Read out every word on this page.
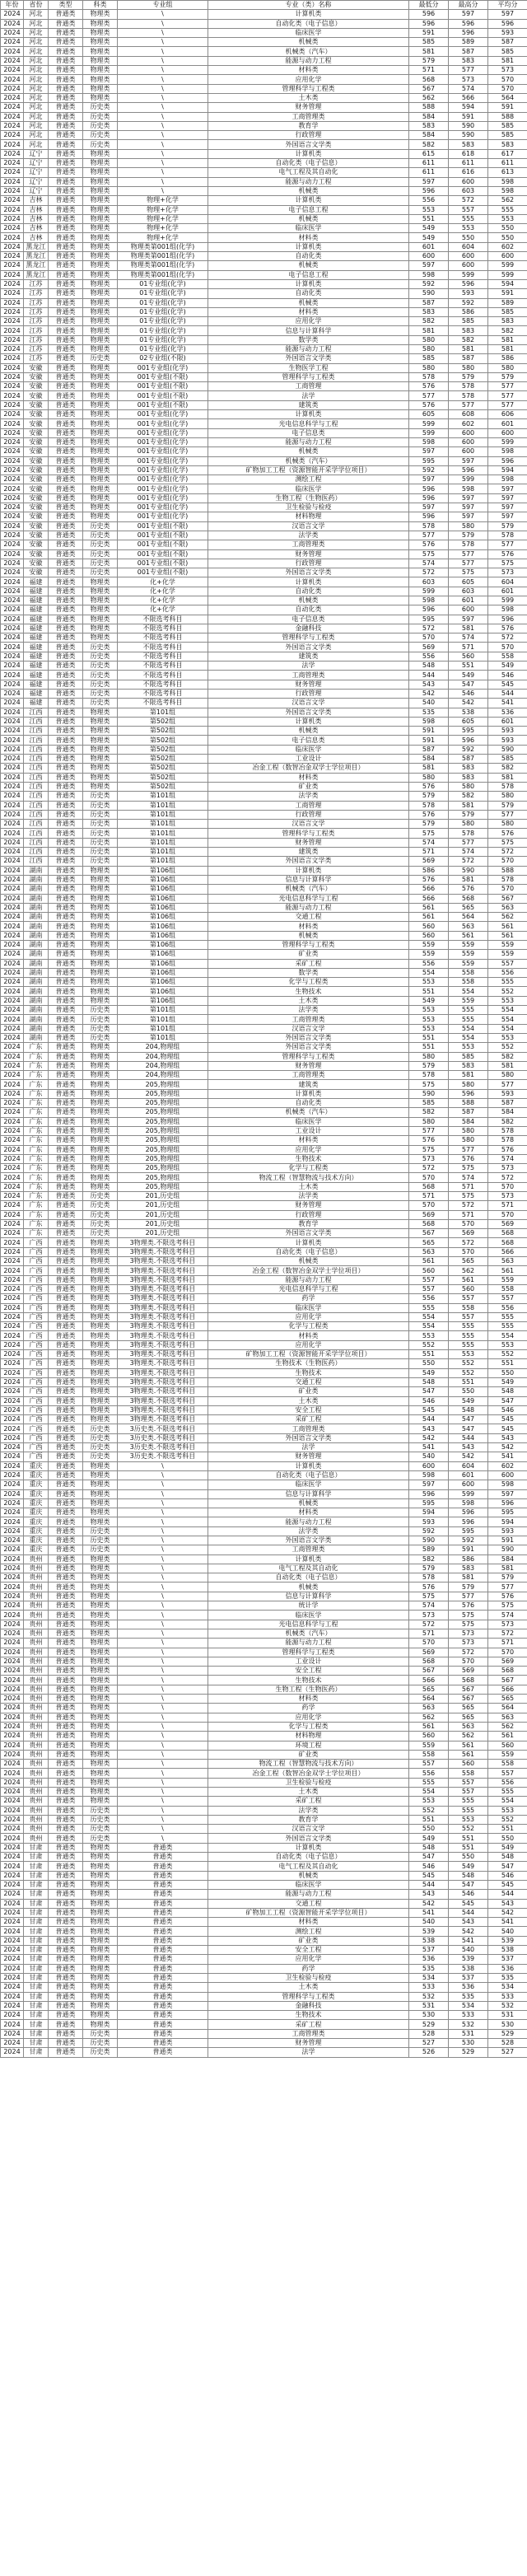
年份	省份	类型	科类	专业组	专业（类）名称	最低分	最高分	平均分
2024	河北	普通类	物理类	\	计算机类	596	597	597
2024	河北	普通类	物理类	\	自动化类（电子信息）	596	596	596
2024	河北	普通类	物理类	\	临床医学	591	596	593
2024	河北	普通类	物理类	\	机械类	585	589	587
2024	河北	普通类	物理类	\	机械类（汽车）	581	587	585
2024	河北	普通类	物理类	\	能源与动力工程	579	583	581
2024	河北	普通类	物理类	\	材料类	571	577	573
2024	河北	普通类	物理类	\	应用化学	568	573	570
2024	河北	普通类	物理类	\	管理科学与工程类	567	574	570
2024	河北	普通类	物理类	\	土木类	562	566	564
2024	河北	普通类	历史类	\	财务管理	588	594	591
2024	河北	普通类	历史类	\	工商管理类	584	591	588
2024	河北	普通类	历史类	\	教育学	583	590	585
2024	河北	普通类	历史类	\	行政管理	584	590	585
2024	河北	普通类	历史类	\	外国语言文学类	582	583	583
2024	辽宁	普通类	物理类	\	计算机类	615	618	617
2024	辽宁	普通类	物理类	\	自动化类（电子信息）	611	611	611
2024	辽宁	普通类	物理类	\	电气工程及其自动化	611	616	613
2024	辽宁	普通类	物理类	\	能源与动力工程	597	600	598
2024	辽宁	普通类	物理类	\	机械类	596	603	598
2024	吉林	普通类	物理类	物理+化学	计算机类	556	572	562
2024	吉林	普通类	物理类	物理+化学	电子信息工程	553	557	555
2024	吉林	普通类	物理类	物理+化学	机械类	551	555	553
2024	吉林	普通类	物理类	物理+化学	临床医学	549	553	550
2024	吉林	普通类	物理类	物理+化学	材料类	549	550	550
2024	黑龙江	普通类	物理类	物理类第001组(化学)	计算机类	601	604	602
2024	黑龙江	普通类	物理类	物理类第001组(化学)	自动化类	600	600	600
2024	黑龙江	普通类	物理类	物理类第001组(化学)	机械类	597	600	599
2024	黑龙江	普通类	物理类	物理类第001组(化学)	电子信息工程	598	599	599
2024	江苏	普通类	物理类	01专业组(化学)	计算机类	592	596	594
2024	江苏	普通类	物理类	01专业组(化学)	自动化类	590	593	591
2024	江苏	普通类	物理类	01专业组(化学)	机械类	587	592	589
2024	江苏	普通类	物理类	01专业组(化学)	材料类	583	586	585
2024	江苏	普通类	物理类	01专业组(化学)	应用化学	582	585	583
2024	江苏	普通类	物理类	01专业组(化学)	信息与计算科学	581	583	582
2024	江苏	普通类	物理类	01专业组(化学)	数学类	580	582	581
2024	江苏	普通类	物理类	01专业组(化学)	能源与动力工程	580	581	581
2024	江苏	普通类	历史类	02专业组(不限)	外国语言文学类	585	587	586
2024	安徽	普通类	物理类	001专业组(化学)	生物医学工程	580	580	580
2024	安徽	普通类	物理类	001专业组(不限)	管理科学与工程类	578	579	579
2024	安徽	普通类	物理类	001专业组(不限)	工商管理	576	578	577
2024	安徽	普通类	物理类	001专业组(不限)	法学	577	578	577
2024	安徽	普通类	物理类	001专业组(不限)	建筑类	576	577	577
2024	安徽	普通类	物理类	001专业组(化学)	计算机类	605	608	606
2024	安徽	普通类	物理类	001专业组(化学)	光电信息科学与工程	599	602	601
2024	安徽	普通类	物理类	001专业组(化学)	电子信息类	599	600	600
2024	安徽	普通类	物理类	001专业组(化学)	能源与动力工程	598	600	599
2024	安徽	普通类	物理类	001专业组(化学)	机械类	597	600	598
2024	安徽	普通类	物理类	001专业组(化学)	机械类（汽车）	595	597	596
2024	安徽	普通类	物理类	001专业组(化学)	矿物加工工程（资源智能开采学学位项目）	592	596	594
2024	安徽	普通类	物理类	001专业组(化学)	测绘工程	597	599	598
2024	安徽	普通类	物理类	001专业组(化学)	临床医学	596	598	597
2024	安徽	普通类	物理类	001专业组(化学)	生物工程（生物医药）	596	597	597
2024	安徽	普通类	物理类	001专业组(化学)	卫生检验与检疫	597	597	597
2024	安徽	普通类	物理类	001专业组(化学)	材料物理	596	597	597
2024	安徽	普通类	历史类	001专业组(不限)	汉语言文学	578	580	579
2024	安徽	普通类	历史类	001专业组(不限)	法学类	577	579	578
2024	安徽	普通类	历史类	001专业组(不限)	工商管理类	576	578	577
2024	安徽	普通类	历史类	001专业组(不限)	财务管理	575	577	576
2024	安徽	普通类	历史类	001专业组(不限)	行政管理	574	577	575
2024	安徽	普通类	历史类	001专业组(不限)	外国语言文学类	572	575	573
2024	福建	普通类	物理类	化+化学	计算机类	603	605	604
2024	福建	普通类	物理类	化+化学	自动化类	599	603	601
2024	福建	普通类	物理类	化+化学	机械类	598	601	599
2024	福建	普通类	物理类	化+化学	自动化类	596	600	598
2024	福建	普通类	物理类	不限选考科目	电子信息类	595	597	596
2024	福建	普通类	物理类	不限选考科目	金融科技	572	581	576
2024	福建	普通类	物理类	不限选考科目	管理科学与工程类	570	574	572
2024	福建	普通类	历史类	不限选考科目	外国语言文学类	569	571	570
2024	福建	普通类	历史类	不限选考科目	建筑类	556	560	558
2024	福建	普通类	历史类	不限选考科目	法学	548	551	549
2024	福建	普通类	历史类	不限选考科目	工商管理类	544	549	546
2024	福建	普通类	历史类	不限选考科目	财务管理	543	547	545
2024	福建	普通类	历史类	不限选考科目	行政管理	542	546	544
2024	福建	普通类	历史类	不限选考科目	汉语言文学	540	542	541
2024	江西	普通类	物理类	第101组	外国语言文学类	535	538	536
2024	江西	普通类	物理类	第502组	计算机类	598	605	601
2024	江西	普通类	物理类	第502组	机械类	591	595	593
2024	江西	普通类	物理类	第502组	电子信息类	591	596	593
2024	江西	普通类	物理类	第502组	临床医学	587	592	590
2024	江西	普通类	物理类	第502组	工业设计	584	587	585
2024	江西	普通类	物理类	第502组	冶金工程（数智冶金双学士学位项目）	581	583	582
2024	江西	普通类	物理类	第502组	材料类	580	583	581
2024	江西	普通类	物理类	第502组	矿业类	576	580	578
2024	江西	普通类	历史类	第101组	法学类	579	582	580
2024	江西	普通类	历史类	第101组	工商管理	578	581	579
2024	江西	普通类	历史类	第101组	行政管理	576	579	577
2024	江西	普通类	历史类	第101组	汉语言文学	579	580	580
2024	江西	普通类	历史类	第101组	管理科学与工程类	575	578	576
2024	江西	普通类	历史类	第101组	财务管理	574	577	575
2024	江西	普通类	历史类	第101组	建筑类	571	574	572
2024	江西	普通类	历史类	第101组	外国语言文学类	569	572	570
2024	湖南	普通类	物理类	第106组	计算机类	586	590	588
2024	湖南	普通类	物理类	第106组	信息与计算科学	576	581	578
2024	湖南	普通类	物理类	第106组	机械类（汽车）	566	576	570
2024	湖南	普通类	物理类	第106组	光电信息科学与工程	566	568	567
2024	湖南	普通类	物理类	第106组	能源与动力工程	561	565	563
2024	湖南	普通类	物理类	第106组	交通工程	561	564	562
2024	湖南	普通类	物理类	第106组	材料类	560	563	561
2024	湖南	普通类	物理类	第106组	机械类	560	561	561
2024	湖南	普通类	物理类	第106组	管理科学与工程类	559	559	559
2024	湖南	普通类	物理类	第106组	矿业类	559	559	559
2024	湖南	普通类	物理类	第106组	采矿工程	556	559	557
2024	湖南	普通类	物理类	第106组	数学类	554	558	556
2024	湖南	普通类	物理类	第106组	化学与工程类	553	558	555
2024	湖南	普通类	物理类	第106组	生物技术	551	554	552
2024	湖南	普通类	物理类	第106组	土木类	549	559	553
2024	湖南	普通类	历史类	第101组	法学类	553	555	554
2024	湖南	普通类	历史类	第101组	工商管理类	553	555	554
2024	湖南	普通类	历史类	第101组	汉语言文学	553	554	554
2024	湖南	普通类	历史类	第101组	外国语言文学类	551	554	553
2024	广东	普通类	物理类	204,物理组	外国语言文学类	551	553	552
2024	广东	普通类	物理类	204,物理组	管理科学与工程类	580	585	582
2024	广东	普通类	物理类	204,物理组	财务管理	579	583	581
2024	广东	普通类	物理类	204,物理组	工商管理类	578	581	580
2024	广东	普通类	物理类	205,物理组	建筑类	575	580	577
2024	广东	普通类	物理类	205,物理组	计算机类	590	596	593
2024	广东	普通类	物理类	205,物理组	自动化类	585	588	587
2024	广东	普通类	物理类	205,物理组	机械类（汽车）	582	587	584
2024	广东	普通类	物理类	205,物理组	临床医学	580	584	582
2024	广东	普通类	物理类	205,物理组	工业设计	577	580	578
2024	广东	普通类	物理类	205,物理组	材料类	576	580	578
2024	广东	普通类	物理类	205,物理组	应用化学	575	577	576
2024	广东	普通类	物理类	205,物理组	生物技术	573	576	574
2024	广东	普通类	物理类	205,物理组	化学与工程类	572	575	573
2024	广东	普通类	物理类	205,物理组	物流工程（智慧物流与技术方向）	570	574	572
2024	广东	普通类	物理类	205,物理组	土木类	568	571	570
2024	广东	普通类	历史类	201,历史组	法学类	571	575	573
2024	广东	普通类	历史类	201,历史组	财务管理	570	572	571
2024	广东	普通类	历史类	201,历史组	行政管理	569	571	570
2024	广东	普通类	历史类	201,历史组	教育学	568	570	569
2024	广东	普通类	历史类	201,历史组	外国语言文学类	567	569	568
2024	广西	普通类	物理类	3物理类.不限选考科目	计算机类	565	572	568
2024	广西	普通类	物理类	3物理类.不限选考科目	自动化类（电子信息）	563	570	566
2024	广西	普通类	物理类	3物理类.不限选考科目	机械类	561	565	563
2024	广西	普通类	物理类	3物理类.不限选考科目	冶金工程（数智冶金双学士学位项目）	560	562	561
2024	广西	普通类	物理类	3物理类.不限选考科目	能源与动力工程	557	561	559
2024	广西	普通类	物理类	3物理类.不限选考科目	光电信息科学与工程	557	560	558
2024	广西	普通类	物理类	3物理类.不限选考科目	药学	556	557	557
2024	广西	普通类	物理类	3物理类.不限选考科目	临床医学	555	558	556
2024	广西	普通类	物理类	3物理类.不限选考科目	应用化学	554	557	555
2024	广西	普通类	物理类	3物理类.不限选考科目	化学与工程类	554	555	555
2024	广西	普通类	物理类	3物理类.不限选考科目	材料类	553	555	554
2024	广西	普通类	物理类	3物理类.不限选考科目	应用化学	552	555	553
2024	广西	普通类	物理类	3物理类.不限选考科目	矿物加工工程（资源智能开采学学位项目）	551	553	552
2024	广西	普通类	物理类	3物理类.不限选考科目	生物技术（生物医药）	550	552	551
2024	广西	普通类	物理类	3物理类.不限选考科目	生物技术	549	552	550
2024	广西	普通类	物理类	3物理类.不限选考科目	交通工程	548	551	549
2024	广西	普通类	物理类	3物理类.不限选考科目	矿业类	547	550	548
2024	广西	普通类	物理类	3物理类.不限选考科目	土木类	546	549	547
2024	广西	普通类	物理类	3物理类.不限选考科目	安全工程	545	548	546
2024	广西	普通类	物理类	3物理类.不限选考科目	采矿工程	544	547	545
2024	广西	普通类	历史类	3历史类.不限选考科目	工商管理类	543	547	545
2024	广西	普通类	历史类	3历史类.不限选考科目	外国语言文学类	542	544	543
2024	广西	普通类	历史类	3历史类.不限选考科目	法学	541	543	542
2024	广西	普通类	历史类	3历史类.不限选考科目	财务管理	540	542	541
2024	重庆	普通类	物理类	\	计算机类	600	604	602
2024	重庆	普通类	物理类	\	自动化类（电子信息）	598	601	600
2024	重庆	普通类	物理类	\	临床医学	597	600	598
2024	重庆	普通类	物理类	\	信息与计算科学	596	599	597
2024	重庆	普通类	物理类	\	机械类	595	598	596
2024	重庆	普通类	物理类	\	材料类	594	596	595
2024	重庆	普通类	物理类	\	能源与动力工程	593	596	594
2024	重庆	普通类	历史类	\	法学类	592	595	593
2024	重庆	普通类	历史类	\	外国语言文学类	590	592	591
2024	重庆	普通类	历史类	\	工商管理类	589	591	590
2024	贵州	普通类	物理类	\	计算机类	582	586	584
2024	贵州	普通类	物理类	\	电气工程及其自动化	579	583	581
2024	贵州	普通类	物理类	\	自动化类（电子信息）	578	581	579
2024	贵州	普通类	物理类	\	机械类	576	579	577
2024	贵州	普通类	物理类	\	信息与计算科学	575	577	576
2024	贵州	普通类	物理类	\	统计学	574	576	575
2024	贵州	普通类	物理类	\	临床医学	573	575	574
2024	贵州	普通类	物理类	\	光电信息科学与工程	572	575	573
2024	贵州	普通类	物理类	\	机械类（汽车）	571	573	572
2024	贵州	普通类	物理类	\	能源与动力工程	570	573	571
2024	贵州	普通类	物理类	\	管理科学与工程类	569	572	570
2024	贵州	普通类	物理类	\	工业设计	568	570	569
2024	贵州	普通类	物理类	\	安全工程	567	569	568
2024	贵州	普通类	物理类	\	生物技术	566	568	567
2024	贵州	普通类	物理类	\	生物工程（生物医药）	565	567	566
2024	贵州	普通类	物理类	\	材料类	564	567	565
2024	贵州	普通类	物理类	\	药学	563	565	564
2024	贵州	普通类	物理类	\	应用化学	562	565	563
2024	贵州	普通类	物理类	\	化学与工程类	561	563	562
2024	贵州	普通类	物理类	\	材料物理	560	562	561
2024	贵州	普通类	物理类	\	环境工程	559	561	560
2024	贵州	普通类	物理类	\	矿业类	558	561	559
2024	贵州	普通类	物理类	\	物流工程（智慧物流与技术方向）	557	560	558
2024	贵州	普通类	物理类	\	冶金工程（数智冶金双学士学位项目）	556	558	557
2024	贵州	普通类	物理类	\	卫生检验与检疫	555	557	556
2024	贵州	普通类	物理类	\	土木类	554	557	555
2024	贵州	普通类	物理类	\	采矿工程	553	555	554
2024	贵州	普通类	历史类	\	法学类	552	555	553
2024	贵州	普通类	历史类	\	教育学	551	553	552
2024	贵州	普通类	历史类	\	汉语言文学	550	552	551
2024	贵州	普通类	历史类	\	外国语言文学类	549	551	550
2024	甘肃	普通类	物理类	普通类	计算机类	548	551	549
2024	甘肃	普通类	物理类	普通类	自动化类（电子信息）	547	550	548
2024	甘肃	普通类	物理类	普通类	电气工程及其自动化	546	549	547
2024	甘肃	普通类	物理类	普通类	机械类	545	548	546
2024	甘肃	普通类	物理类	普通类	临床医学	544	547	545
2024	甘肃	普通类	物理类	普通类	能源与动力工程	543	546	544
2024	甘肃	普通类	物理类	普通类	交通工程	542	545	543
2024	甘肃	普通类	物理类	普通类	矿物加工工程（资源智能开采学学位项目）	541	544	542
2024	甘肃	普通类	物理类	普通类	材料类	540	543	541
2024	甘肃	普通类	物理类	普通类	测绘工程	539	542	540
2024	甘肃	普通类	物理类	普通类	矿业类	538	541	539
2024	甘肃	普通类	物理类	普通类	安全工程	537	540	538
2024	甘肃	普通类	物理类	普通类	应用化学	536	539	537
2024	甘肃	普通类	物理类	普通类	药学	535	538	536
2024	甘肃	普通类	物理类	普通类	卫生检验与检疫	534	537	535
2024	甘肃	普通类	物理类	普通类	土木类	533	536	534
2024	甘肃	普通类	物理类	普通类	管理科学与工程类	532	535	533
2024	甘肃	普通类	物理类	普通类	金融科技	531	534	532
2024	甘肃	普通类	物理类	普通类	生物技术	530	533	531
2024	甘肃	普通类	物理类	普通类	采矿工程	529	532	530
2024	甘肃	普通类	历史类	普通类	工商管理类	528	531	529
2024	甘肃	普通类	历史类	普通类	财务管理	527	530	528
2024	甘肃	普通类	历史类	普通类	法学	526	529	527
